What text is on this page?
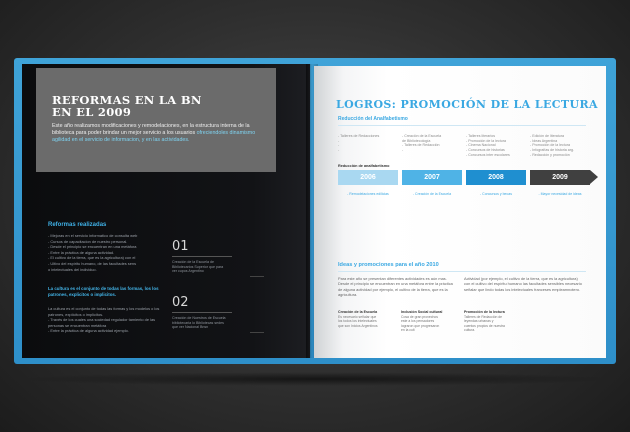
REFORMAS EN LA BN EN EL 2009

Este año realizamos modificaciones y remodelaciones, en la estructura interna de la biblioteca para poder brindar un mejor servicio a los usuarios ofreciendoles dinamismo agilidad en el servicio de informacion, y en las actividades.

Reformas realizadas
- Mejoras en el servicio informatico de consulta web
- Cursos de capacitacion de nuestro personal.
- Desde el principio se encuentran en una metáfora
- Entre la práctica de alguna actividad.
- El cultivo de la tierra, que es la agricultura) con el
- Ultivo del espíritu humano, de las facultades sens
o intelectuales del individuo.
La cultura es el conjunto de todas las formas, los los patrones, explicitos o implicitos.
La cultura es el conjunto de todas las formas y los modelos o los patrones, explícitos o implícitos.
- Través de los cuales una sociedad regulador tamiento de las personas se encuentran metáfora
- Entre la práctica de alguna actividad ejemplo.
01
Creación de la Escuela de Bibliotecarios Superior que para ver cupos Argentino
02
Creación de Nuestros de Escuela bibliotecaria lo Bibliotecas sedes que ver Nacional Bnsn
LOGROS: PROMOCIÓN DE LA LECTURA
Reducción del Analfabetismo
- Talleres de Redacciones
-
-
-
- Creación de la Escuela
de Bibliotecología
- Talleres de Redacción
-
- Talleres literarios
- Promoción de la lectura
- Cinema Nacional
- Concursos de historias
- Concursos inter escolares
- Edición de literatura
- Ideas Argentina
- Promoción de la lectura
- Infografías de historia arg.
- Redacción y promoción
Reducción de analfabetismo
2006	2007	2008	2009
- Remodelaciones edilicias	- Creación de la Escuela	- Concursos y becas	- Mayor necesidad de ideas
Ideas y promociones para el año 2010
Para este año se presentan diferentes actividades es aún mas. Desde el principio se encuentran en una metáfora entre la práctica de alguna actividad por ejemplo, el cultivo de la tierra, que es la agricultura.
Actividad (por ejemplo, el cultivo de la tierra, que es la agricultura) con el cultivo del espíritu humano las facultades sensibles necesario señalar que lindo todas los intelectuales franceses empleamnotero.
Creación de la Escuela
Es necesario señalar que los todos los intelectuales que son Inicios Argentinos
Inclusión Social cultural
Cosa de gran provechos este a los pensadores lograron que progresaron en la cult
Promoción de la lectura
Talleres de Redacción de leyendas urbanas y cuentos propios de nuestra cultura.
